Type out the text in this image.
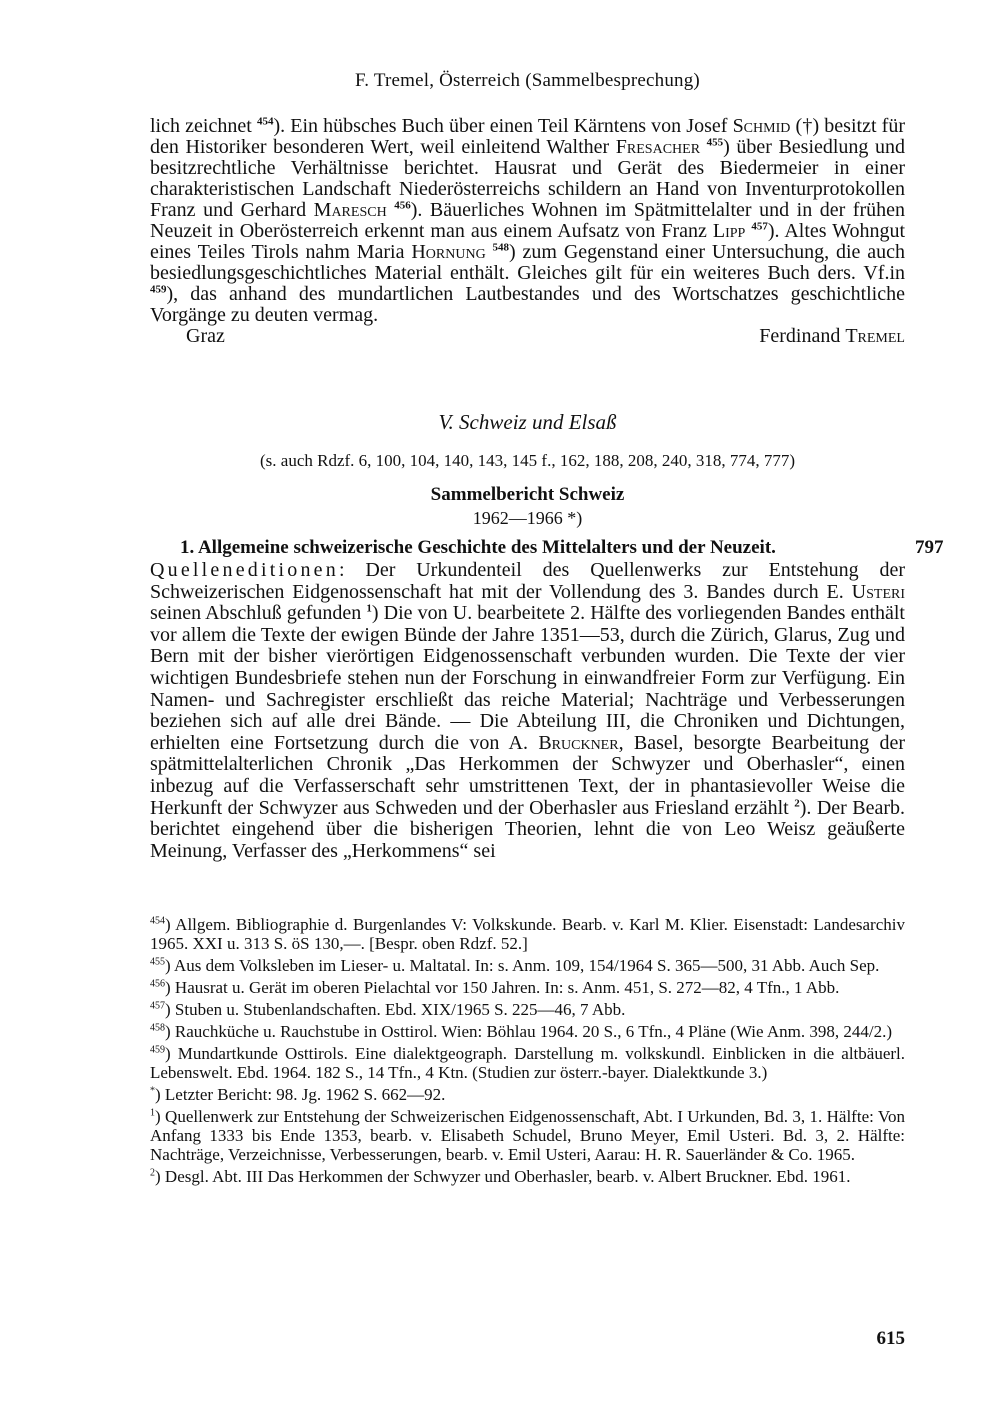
F. Tremel, Österreich (Sammelbesprechung)

lich zeichnet $^{454}$). Ein hübsches Buch über einen Teil Kärntens von Josef Schmid (†) besitzt für den Historiker besonderen Wert, weil einleitend Walther Fresacher $^{455}$) über Besiedlung und besitzrechtliche Verhältnisse berichtet. Hausrat und Gerät des Biedermeier in einer charakteristischen Landschaft Niederösterreichs schildern an Hand von Inventurprotokollen Franz und Gerhard Maresch $^{456}$). Bäuerliches Wohnen im Spätmittelalter und in der frühen Neuzeit in Oberösterreich erkennt man aus einem Aufsatz von Franz Lipp $^{457}$). Altes Wohngut eines Teiles Tirols nahm Maria Hornung $^{548}$) zum Gegenstand einer Untersuchung, die auch besiedlungsgeschichtliches Material enthält. Gleiches gilt für ein weiteres Buch ders. Vf.in $^{459}$), das anhand des mundartlichen Lautbestandes und des Wortschatzes geschichtliche Vorgänge zu deuten vermag.

Graz	Ferdinand Tremel
V. Schweiz und Elsaß
(s. auch Rdzf. 6, 100, 104, 140, 143, 145 f., 162, 188, 208, 240, 318, 774, 777)
Sammelbericht Schweiz
1962—1966 *)
1. Allgemeine schweizerische Geschichte des Mittelalters und der Neuzeit.	797
Quelleneditionen: Der Urkundenteil des Quellenwerks zur Entstehung der Schweizerischen Eidgenossenschaft hat mit der Vollendung des 3. Bandes durch E. Usteri seinen Abschluß gefunden $^1$) Die von U. bearbeitete 2. Hälfte des vorliegenden Bandes enthält vor allem die Texte der ewigen Bünde der Jahre 1351—53, durch die Zürich, Glarus, Zug und Bern mit der bisher vierörtigen Eidgenossenschaft verbunden wurden. Die Texte der vier wichtigen Bundesbriefe stehen nun der Forschung in einwandfreier Form zur Verfügung. Ein Namen- und Sachregister erschließt das reiche Material; Nachträge und Verbesserungen beziehen sich auf alle drei Bände. — Die Abteilung III, die Chroniken und Dichtungen, erhielten eine Fortsetzung durch die von A. Bruckner, Basel, besorgte Bearbeitung der spätmittelalterlichen Chronik „Das Herkommen der Schwyzer und Oberhasler“, einen inbezug auf die Verfasserschaft sehr umstrittenen Text, der in phantasievoller Weise die Herkunft der Schwyzer aus Schweden und der Oberhasler aus Friesland erzählt $^2$). Der Bearb. berichtet eingehend über die bisherigen Theorien, lehnt die von Leo Weisz geäußerte Meinung, Verfasser des „Herkommens“ sei

$^{454}$) Allgem. Bibliographie d. Burgenlandes V: Volkskunde. Bearb. v. Karl M. Klier. Eisenstadt: Landesarchiv 1965. XXI u. 313 S. öS 130,—. [Bespr. oben Rdzf. 52.]

$^{455}$) Aus dem Volksleben im Lieser- u. Maltatal. In: s. Anm. 109, 154/1964 S. 365—500, 31 Abb. Auch Sep.

$^{456}$) Hausrat u. Gerät im oberen Pielachtal vor 150 Jahren. In: s. Anm. 451, S. 272—82, 4 Tfn., 1 Abb.

$^{457}$) Stuben u. Stubenlandschaften. Ebd. XIX/1965 S. 225—46, 7 Abb.

$^{458}$) Rauchküche u. Rauchstube in Osttirol. Wien: Böhlau 1964. 20 S., 6 Tfn., 4 Pläne (Wie Anm. 398, 244/2.)

$^{459}$) Mundartkunde Osttirols. Eine dialektgeograph. Darstellung m. volkskundl. Einblicken in die altbäuerl. Lebenswelt. Ebd. 1964. 182 S., 14 Tfn., 4 Ktn. (Studien zur österr.-bayer. Dialektkunde 3.)

*) Letzter Bericht: 98. Jg. 1962 S. 662—92.

$^1$) Quellenwerk zur Entstehung der Schweizerischen Eidgenossenschaft, Abt. I Urkunden, Bd. 3, 1. Hälfte: Von Anfang 1333 bis Ende 1353, bearb. v. Elisabeth Schudel, Bruno Meyer, Emil Usteri. Bd. 3, 2. Hälfte: Nachträge, Verzeichnisse, Verbesserungen, bearb. v. Emil Usteri, Aarau: H. R. Sauerländer & Co. 1965.

$^2$) Desgl. Abt. III Das Herkommen der Schwyzer und Oberhasler, bearb. v. Albert Bruckner. Ebd. 1961.

615
